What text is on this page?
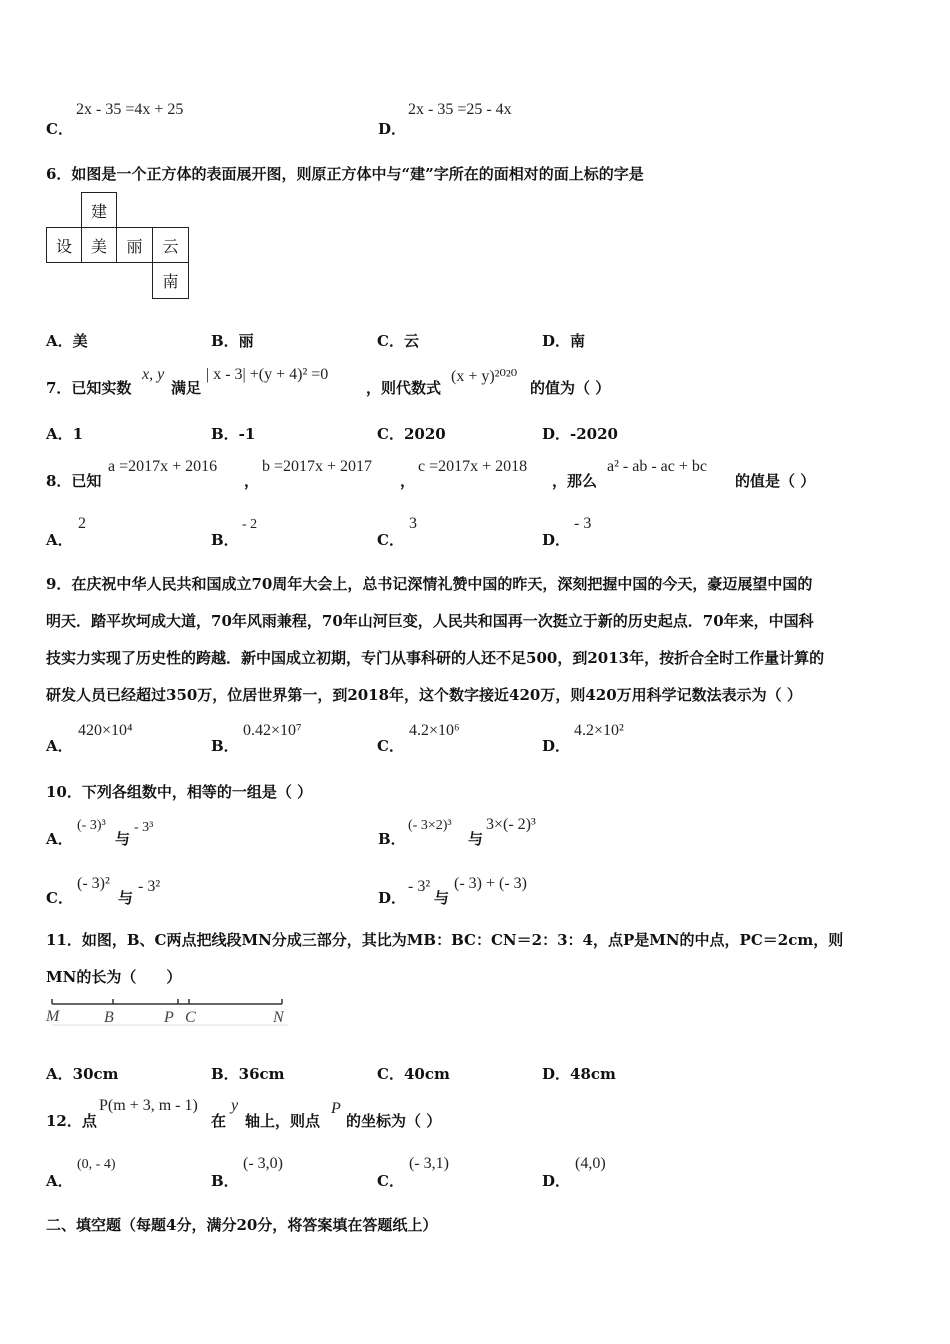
C．
2x - 35 =4x + 25
D．
2x - 35 =25 - 4x
6．如图是一个正方体的表面展开图，则原正方体中与“建”字所在的面相对的面上标的字是
建
设	美	丽	云
南
A．美	B．丽	C．云	D．南
7．已知实数
x, y
满足
| x - 3| +(y + 4)² =0
，则代数式
(x + y)²⁰²⁰
的值为（ ）
A．1	B．-1	C．2020	D．-2020
8．已知
a =2017x + 2016
，
b =2017x + 2017
，
c =2017x + 2018
，那么
a² - ab - ac + bc
的值是（ ）
A．
2
B．
- 2
C．
3
D．
- 3
9．在庆祝中华人民共和国成立70周年大会上，总书记深情礼赞中国的昨天，深刻把握中国的今天，豪迈展望中国的
明天．踏平坎坷成大道，70年风雨兼程，70年山河巨变，人民共和国再一次挺立于新的历史起点．70年来，中国科
技实力实现了历史性的跨越．新中国成立初期，专门从事科研的人还不足500，到2013年，按折合全时工作量计算的
研发人员已经超过350万，位居世界第一，到2018年，这个数字接近420万，则420万用科学记数法表示为（ ）
A．
420×10⁴
B．
0.42×10⁷
C．
4.2×10⁶
D．
4.2×10²
10．下列各组数中，相等的一组是（ ）
A．
(- 3)³
与
- 3³
B．
(- 3×2)³
与
3×(- 2)³
C．
(- 3)²
与
- 3²
D．
- 3²
与
(- 3) + (- 3)
11．如图，B、C两点把线段MN分成三部分，其比为MB：BC：CN＝2：3：4，点P是MN的中点，PC＝2cm，则
MN的长为（　　）
M	B	P C	N
A．30cm	B．36cm	C．40cm	D．48cm
12．点
P(m + 3, m - 1)
在
y
轴上，则点
P
的坐标为（ ）
A．
(0, - 4)
B．
(- 3,0)
C．
(- 3,1)
D．
(4,0)
二、填空题（每题4分，满分20分，将答案填在答题纸上）
